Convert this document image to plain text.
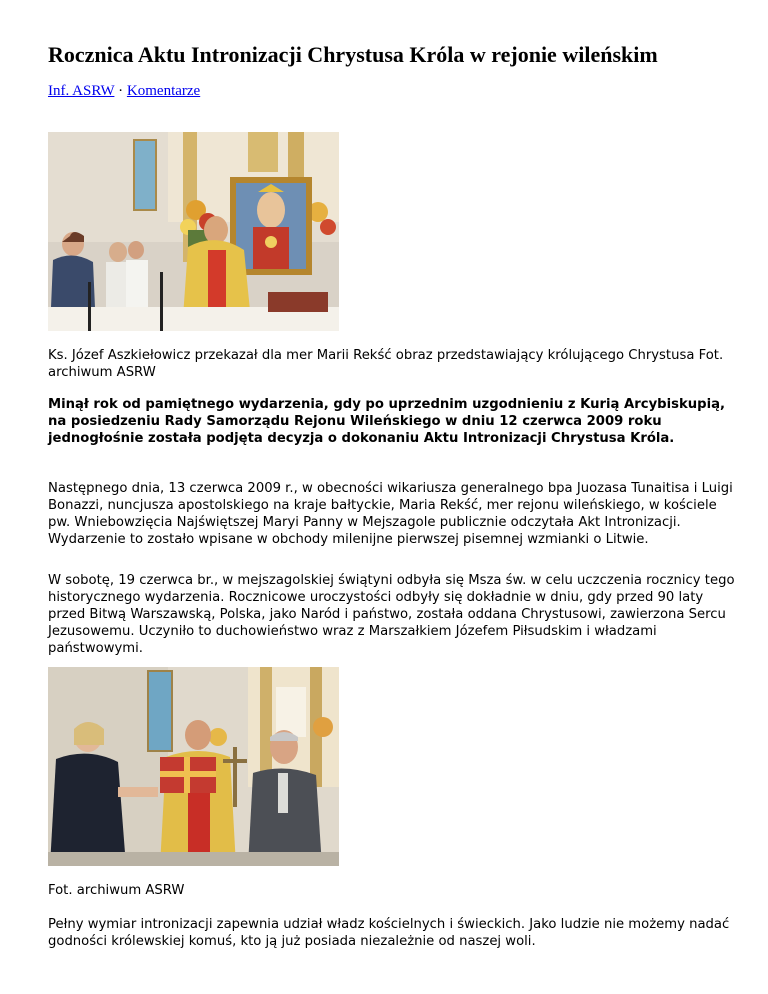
Rocznica Aktu Intronizacji Chrystusa Króla w rejonie wileńskim
Inf. ASRW · Komentarze

Ks. Józef Aszkiełowicz przekazał dla mer Marii Rekść obraz przedstawiający królującego Chrystusa Fot. archiwum ASRW

Minął rok od pamiętnego wydarzenia, gdy po uprzednim uzgodnieniu z Kurią Arcybiskupią, na posiedzeniu Rady Samorządu Rejonu Wileńskiego w dniu 12 czerwca 2009 roku jednogłośnie została podjęta decyzja o dokonaniu Aktu Intronizacji Chrystusa Króla.

Następnego dnia, 13 czerwca 2009 r., w obecności wikariusza generalnego bpa Juozasa Tunaitisa i Luigi Bonazzi, nuncjusza apostolskiego na kraje bałtyckie, Maria Rekść, mer rejonu wileńskiego, w kościele pw. Wniebowzięcia Najświętszej Maryi Panny w Mejszagole publicznie odczytała Akt Intronizacji. Wydarzenie to zostało wpisane w obchody milenijne pierwszej pisemnej wzmianki o Litwie.

W sobotę, 19 czerwca br., w mejszagolskiej świątyni odbyła się Msza św. w celu uczczenia rocznicy tego historycznego wydarzenia. Rocznicowe uroczystości odbyły się dokładnie w dniu, gdy przed 90 laty przed Bitwą Warszawską, Polska, jako Naród i państwo, została oddana Chrystusowi, zawierzona Sercu Jezusowemu. Uczyniło to duchowieństwo wraz z Marszałkiem Józefem Piłsudskim i władzami państwowymi.

Fot. archiwum ASRW

Pełny wymiar intronizacji zapewnia udział władz kościelnych i świeckich. Jako ludzie nie możemy nadać godności królewskiej komuś, kto ją już posiada niezależnie od naszej woli.
